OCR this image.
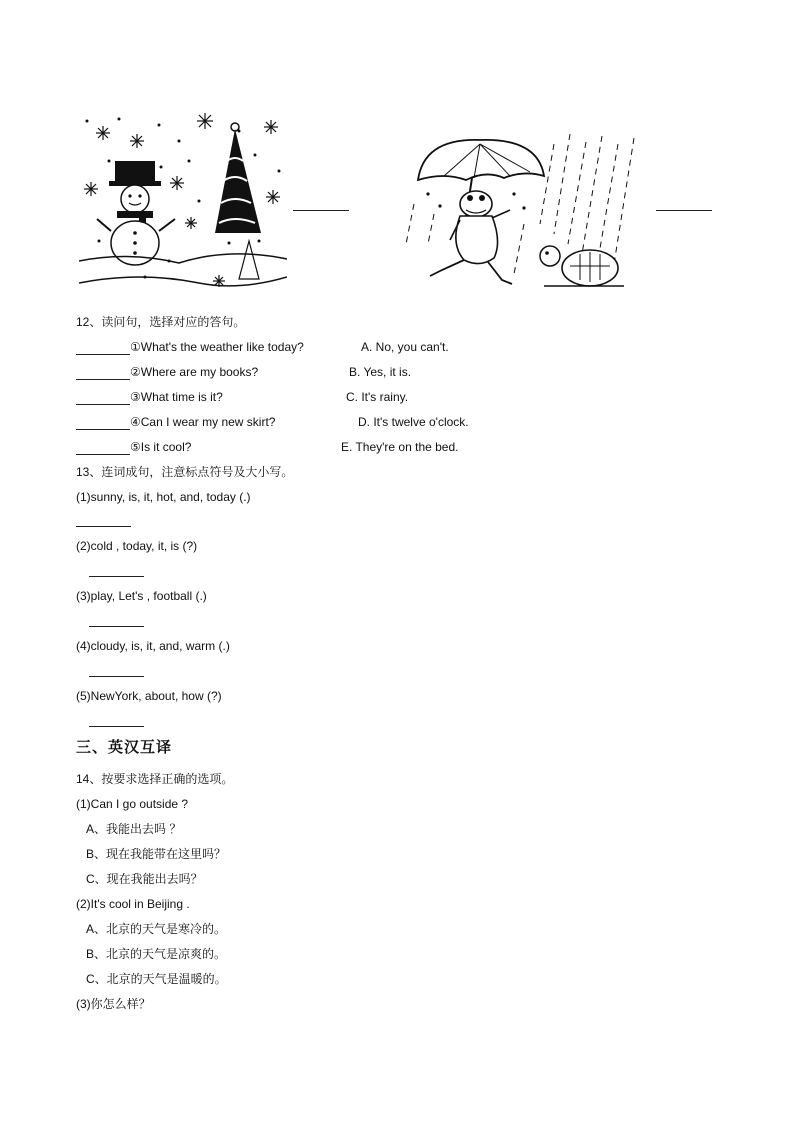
12、读问句，选择对应的答句。
①What's the weather like today?	A. No, you can't.
②Where are my books?	B. Yes, it is.
③What time is it?	C. It's rainy.
④Can I wear my new skirt?	D. It's twelve o'clock.
⑤Is it cool?	E. They're on the bed.
13、连词成句，注意标点符号及大小写。
(1)sunny, is, it, hot, and, today (.)
(2)cold , today, it, is (?)
(3)play, Let's , football (.)
(4)cloudy, is, it, and, warm (.)
(5)NewYork, about, how (?)
三、英汉互译
14、按要求选择正确的选项。
(1)Can I go outside ?
A、我能出去吗 ？
B、现在我能带在这里吗？
C、现在我能出去吗？
(2)It's cool in Beijing .
A、北京的天气是寒冷的。
B、北京的天气是凉爽的。
C、北京的天气是温暖的。
(3)你怎么样？
